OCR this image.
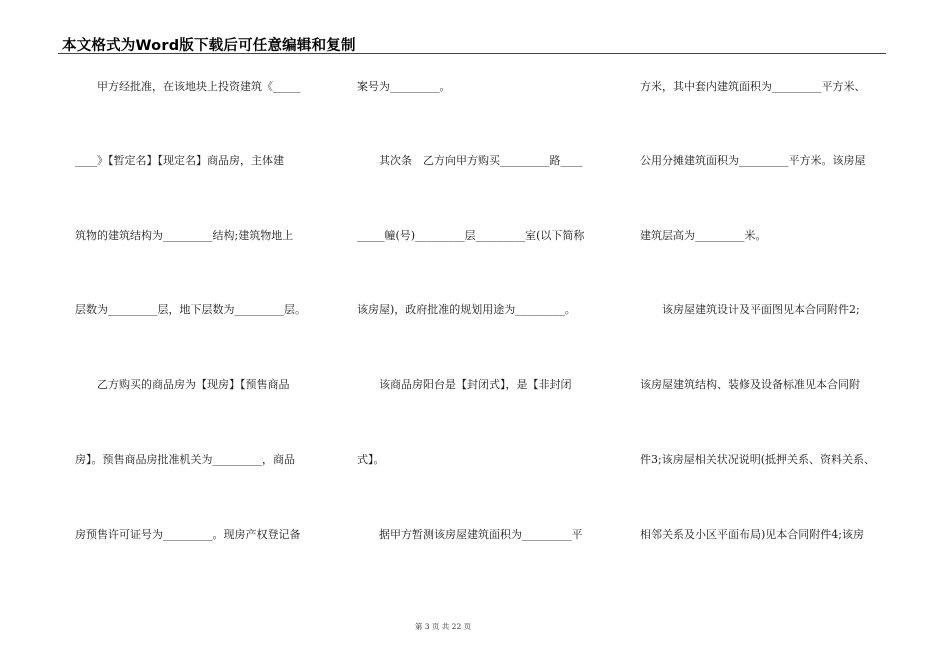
本文格式为Word版下载后可任意编辑和复制
　　甲方经批准，在该地块上投资建筑《_____
____》【暂定名】【现定名】商品房，主体建
筑物的建筑结构为_________结构;建筑物地上
层数为_________层，地下层数为_________层。
　　乙方购买的商品房为【现房】【预售商品
房】。预售商品房批准机关为_________，商品
房预售许可证号为_________。现房产权登记备
案号为_________。
　　其次条　乙方向甲方购买_________路____
_____幢(号)_________层_________室(以下简称
该房屋)，政府批准的规划用途为_________。
　　该商品房阳台是【封闭式】，是【非封闭
式】。
　　据甲方暂测该房屋建筑面积为_________平
方米，其中套内建筑面积为_________平方米、
公用分摊建筑面积为_________平方米。该房屋
建筑层高为_________米。
　　该房屋建筑设计及平面图见本合同附件2;
该房屋建筑结构、装修及设备标准见本合同附
件3;该房屋相关状况说明(抵押关系、资料关系、
相邻关系及小区平面布局)见本合同附件4;该房
第 3 页 共 22 页
